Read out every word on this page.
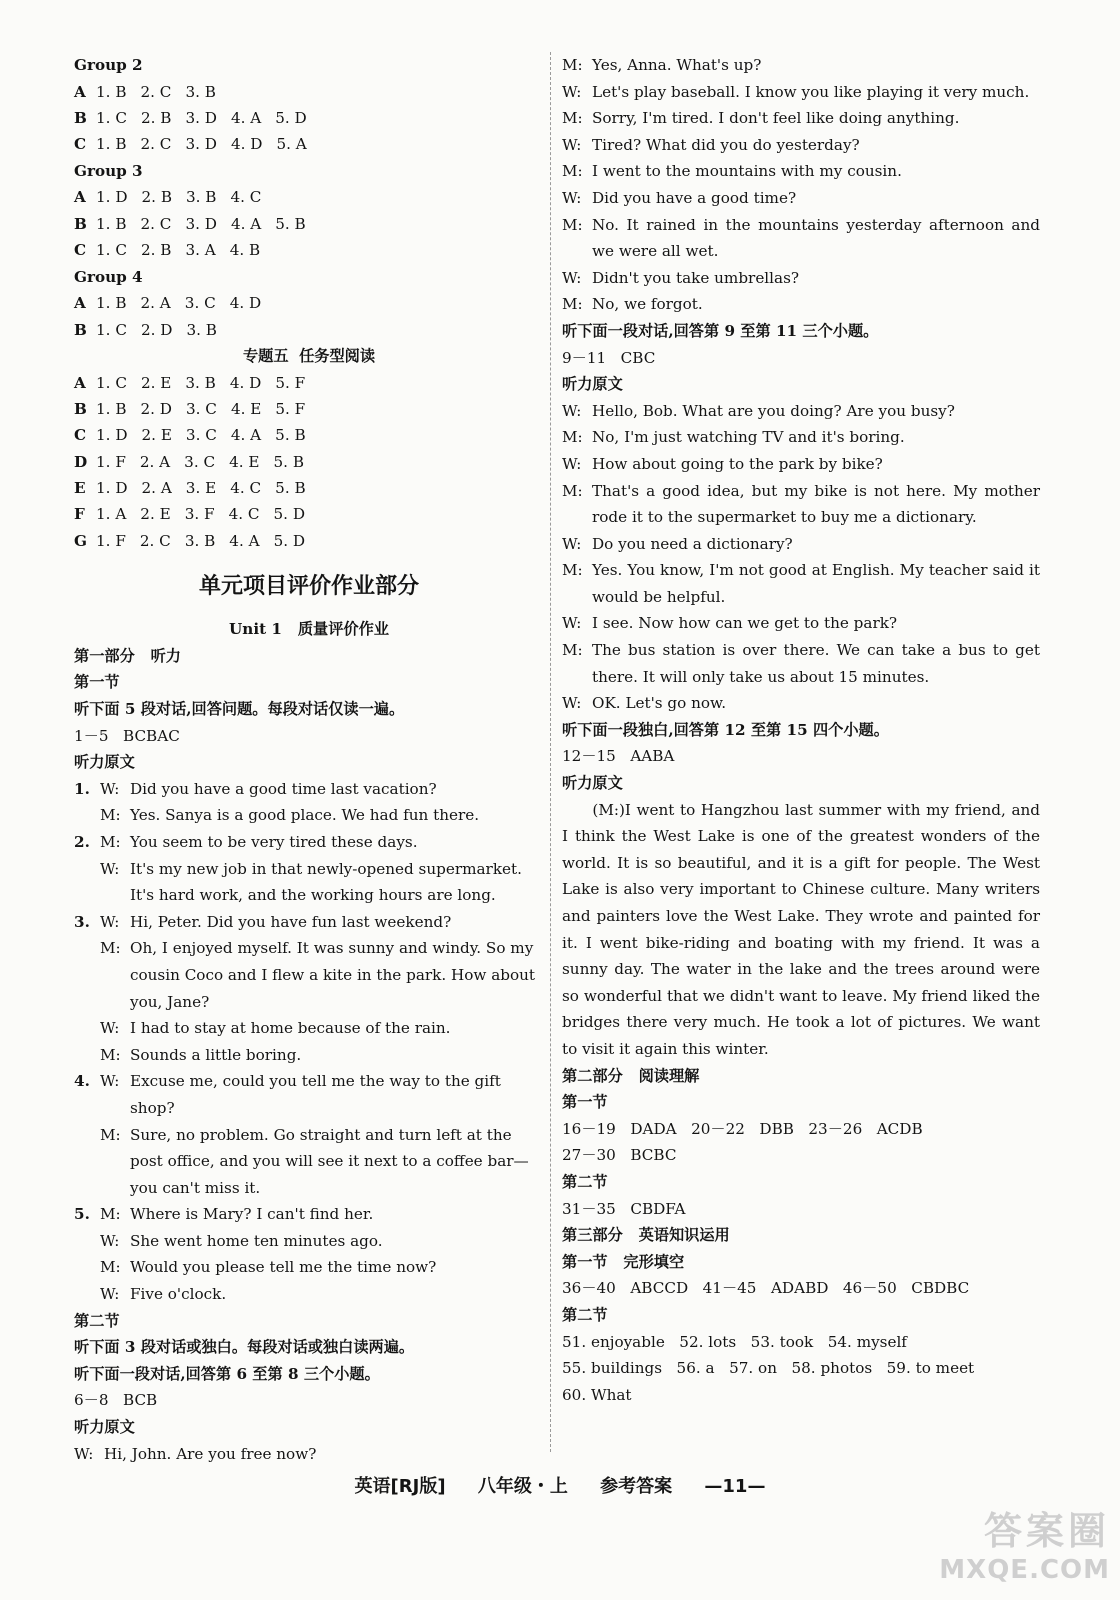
Group 2
A 1. B 2. C 3. B
B 1. C 2. B 3. D 4. A 5. D
C 1. B 2. C 3. D 4. D 5. A
Group 3
A 1. D 2. B 3. B 4. C
B 1. B 2. C 3. D 4. A 5. B
C 1. C 2. B 3. A 4. B
Group 4
A 1. B 2. A 3. C 4. D
B 1. C 2. D 3. B
专题五  任务型阅读
A 1. C 2. E 3. B 4. D 5. F
B 1. B 2. D 3. C 4. E 5. F
C 1. D 2. E 3. C 4. A 5. B
D 1. F 2. A 3. C 4. E 5. B
E 1. D 2. A 3. E 4. C 5. B
F 1. A 2. E 3. F 4. C 5. D
G 1. F 2. C 3. B 4. A 5. D
单元项目评价作业部分
Unit 1   质量评价作业
第一部分   听力
第一节
听下面 5 段对话,回答问题。每段对话仅读一遍。
1－5   BCBAC
听力原文
1. W: Did you have a good time last vacation?
M: Yes. Sanya is a good place. We had fun there.
2. M: You seem to be very tired these days.
W: It's my new job in that newly-opened supermarket. It's hard work, and the working hours are long.
3. W: Hi, Peter. Did you have fun last weekend?
M: Oh, I enjoyed myself. It was sunny and windy. So my cousin Coco and I flew a kite in the park. How about you, Jane?
W: I had to stay at home because of the rain.
M: Sounds a little boring.
4. W: Excuse me, could you tell me the way to the gift shop?
M: Sure, no problem. Go straight and turn left at the post office, and you will see it next to a coffee bar—you can't miss it.
5. M: Where is Mary? I can't find her.
W: She went home ten minutes ago.
M: Would you please tell me the time now?
W: Five o'clock.
第二节
听下面 3 段对话或独白。每段对话或独白读两遍。
听下面一段对话,回答第 6 至第 8 三个小题。
6－8   BCB
听力原文
W: Hi, John. Are you free now?
M: Yes, Anna. What's up?
W: Let's play baseball. I know you like playing it very much.
M: Sorry, I'm tired. I don't feel like doing anything.
W: Tired? What did you do yesterday?
M: I went to the mountains with my cousin.
W: Did you have a good time?
M: No. It rained in the mountains yesterday afternoon and we were all wet.
W: Didn't you take umbrellas?
M: No, we forgot.
听下面一段对话,回答第 9 至第 11 三个小题。
9－11   CBC
听力原文
W: Hello, Bob. What are you doing? Are you busy?
M: No, I'm just watching TV and it's boring.
W: How about going to the park by bike?
M: That's a good idea, but my bike is not here. My mother rode it to the supermarket to buy me a dictionary.
W: Do you need a dictionary?
M: Yes. You know, I'm not good at English. My teacher said it would be helpful.
W: I see. Now how can we get to the park?
M: The bus station is over there. We can take a bus to get there. It will only take us about 15 minutes.
W: OK. Let's go now.
听下面一段独白,回答第 12 至第 15 四个小题。
12－15   AABA
听力原文
(M:)I went to Hangzhou last summer with my friend, and I think the West Lake is one of the greatest wonders of the world. It is so beautiful, and it is a gift for people. The West Lake is also very important to Chinese culture. Many writers and painters love the West Lake. They wrote and painted for it. I went bike-riding and boating with my friend. It was a sunny day. The water in the lake and the trees around were so wonderful that we didn't want to leave. My friend liked the bridges there very much. He took a lot of pictures. We want to visit it again this winter.
第二部分   阅读理解
第一节
16－19   DADA   20－22   DBB   23－26   ACDB
27－30   BCBC
第二节
31－35   CBDFA
第三部分   英语知识运用
第一节   完形填空
36－40   ABCCD   41－45   ADABD   46－50   CBDBC
第二节
51. enjoyable   52. lots   53. took   54. myself
55. buildings   56. a   57. on   58. photos   59. to meet
60. What
英语[RJ版] 八年级・上 参考答案 —11—
答案圈
MXQE.COM
